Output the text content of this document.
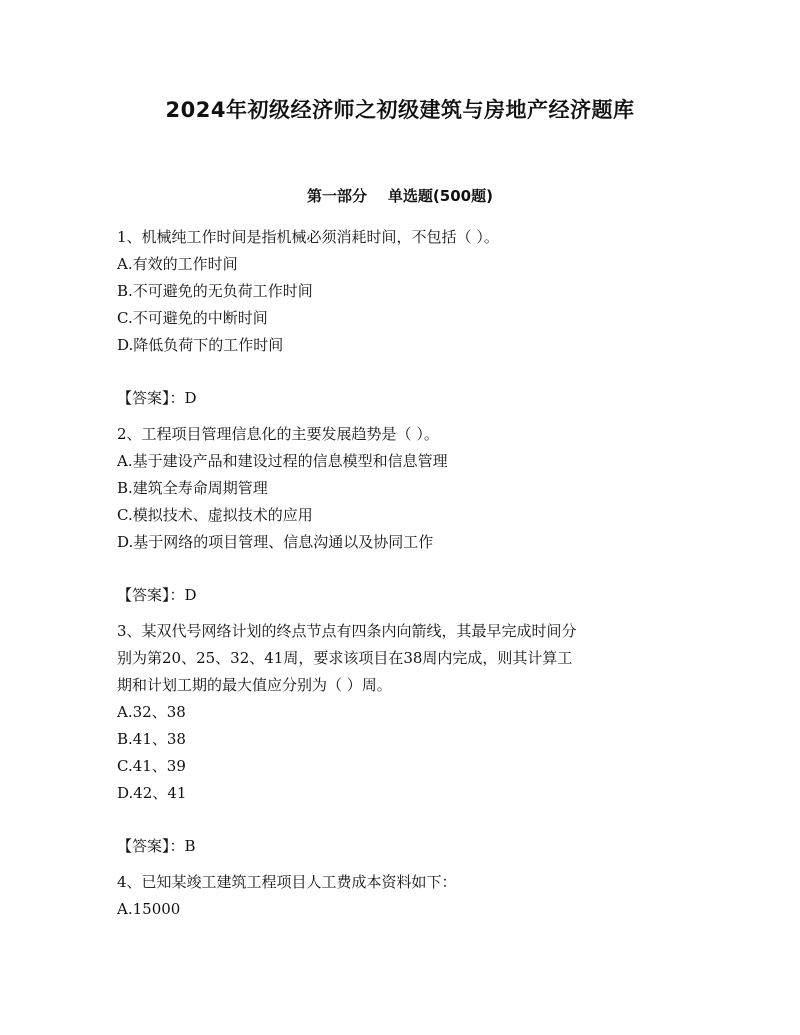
2024年初级经济师之初级建筑与房地产经济题库
第一部分    单选题(500题)

1、机械纯工作时间是指机械必须消耗时间，不包括（ ）。

A.有效的工作时间

B.不可避免的无负荷工作时间

C.不可避免的中断时间

D.降低负荷下的工作时间

【答案】：D

2、工程项目管理信息化的主要发展趋势是（ ）。

A.基于建设产品和建设过程的信息模型和信息管理

B.建筑全寿命周期管理

C.模拟技术、虚拟技术的应用

D.基于网络的项目管理、信息沟通以及协同工作

【答案】：D

3、某双代号网络计划的终点节点有四条内向箭线，其最早完成时间分

别为第20、25、32、41周，要求该项目在38周内完成，则其计算工

期和计划工期的最大值应分别为（ ）周。

A.32、38

B.41、38

C.41、39

D.42、41

【答案】：B

4、已知某竣工建筑工程项目人工费成本资料如下：

A.15000
